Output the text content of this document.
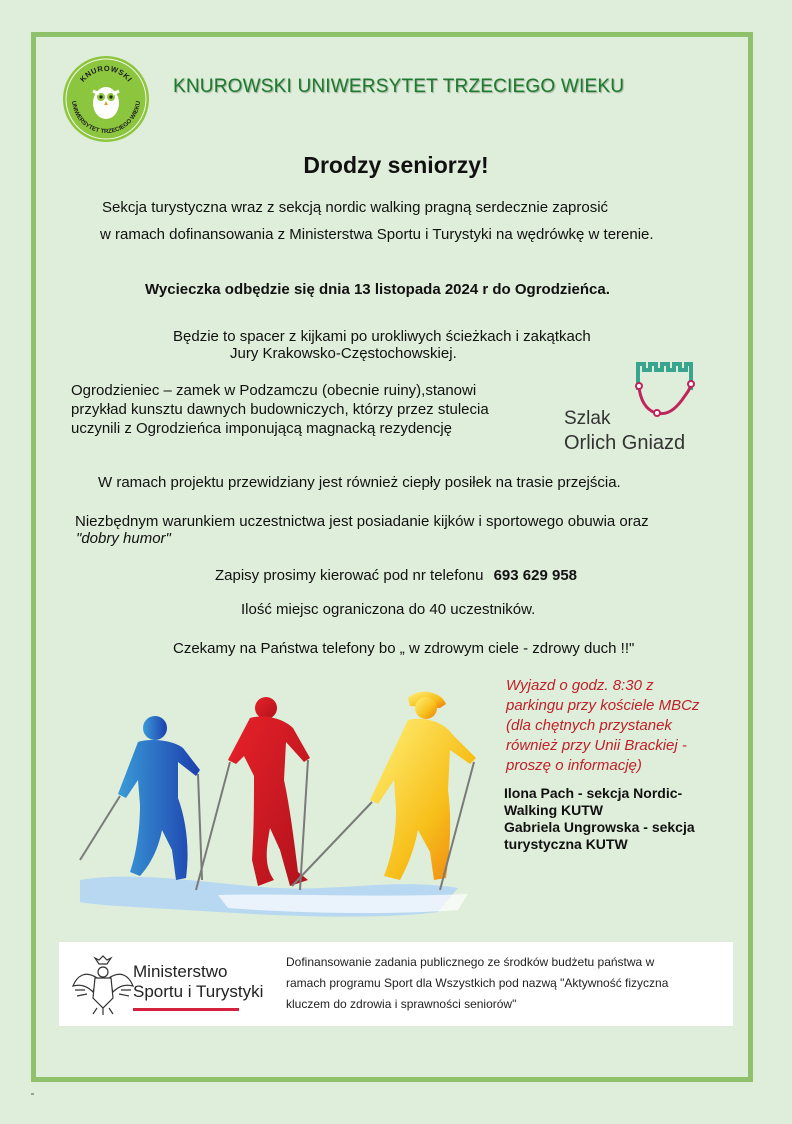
KNUROWSKI
UNIWERSYTET TRZECIEGO WIEKU
KNUROWSKI UNIWERSYTET TRZECIEGO WIEKU
Drodzy seniorzy!
Sekcja turystyczna wraz z sekcją nordic walking pragną serdecznie zaprosić
w ramach dofinansowania z Ministerstwa Sportu i Turystyki na wędrówkę w terenie.
Wycieczka odbędzie się dnia 13 listopada 2024 r do Ogrodzieńca.
Będzie to spacer z kijkami po urokliwych ścieżkach i zakątkach
Jury Krakowsko-Częstochowskiej.
Ogrodzieniec – zamek w Podzamczu (obecnie ruiny),stanowi
przykład kunsztu dawnych budowniczych, którzy przez stulecia
uczynili z Ogrodzieńca imponującą magnacką rezydencję	Szlak
Orlich Gniazd
W ramach projektu przewidziany jest również ciepły posiłek na trasie przejścia.
Niezbędnym warunkiem uczestnictwa jest posiadanie kijków i sportowego obuwia oraz
"dobry humor"
Zapisy prosimy kierować pod nr telefonu 693 629 958
Ilość miejsc ograniczona do 40 uczestników.
Czekamy na Państwa telefony bo „ w zdrowym ciele - zdrowy duch !!"
Wyjazd o godz. 8:30 z
parkingu przy kościele MBCz
(dla chętnych przystanek
również przy Unii Brackiej -
proszę o informację)
Ilona Pach - sekcja Nordic-
Walking KUTW
Gabriela Ungrowska - sekcja
turystyczna KUTW
Ministerstwo
Sportu i Turystyki
Dofinansowanie zadania publicznego ze środków budżetu państwa w
ramach programu Sport dla Wszystkich pod nazwą "Aktywność fizyczna
kluczem do zdrowia i sprawności seniorów"
